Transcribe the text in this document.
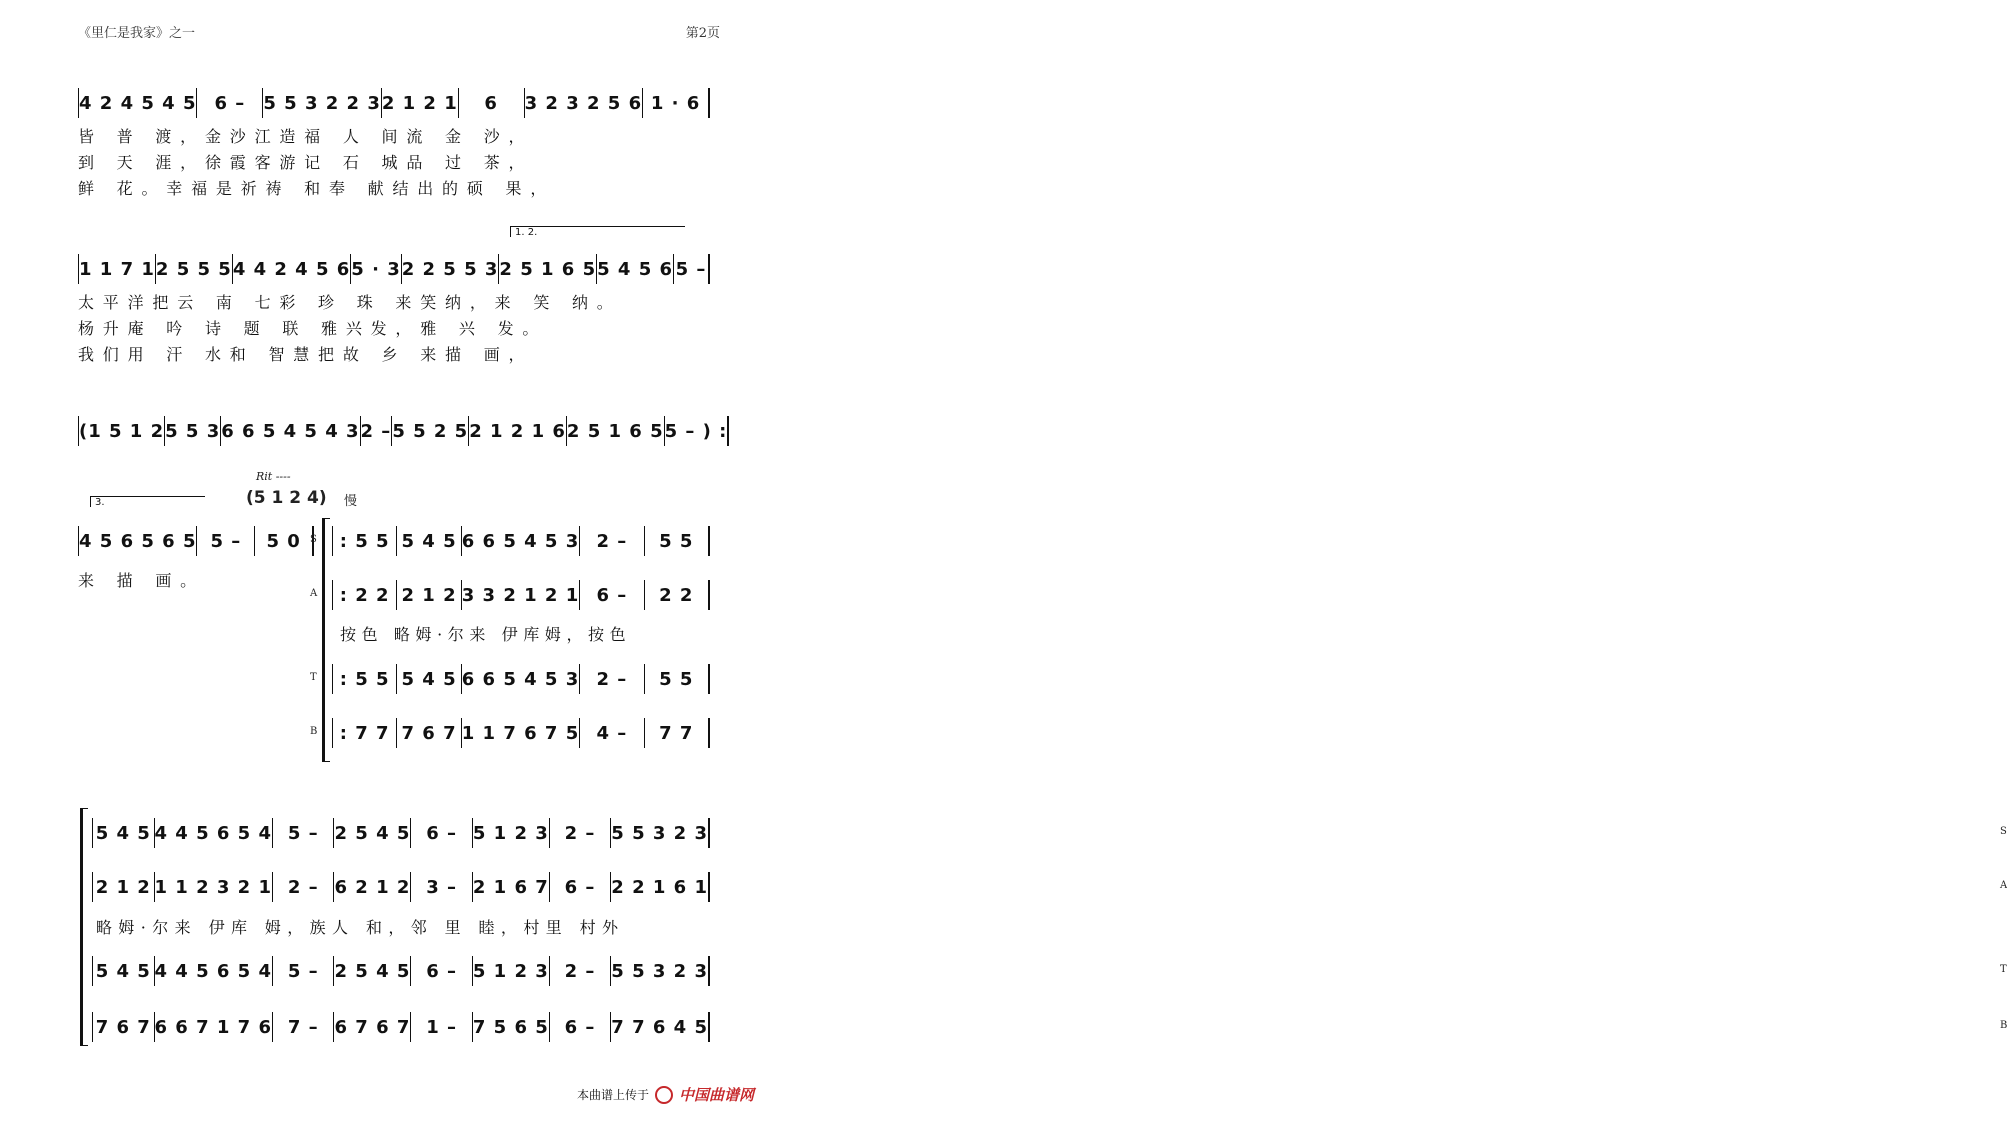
《里仁是我家》之一	第2页
4 2 4 5 4 5	6 –	5 5 3 2 2 3 2 1 2 1	6	3 2 3 2 5 6 1 · 6
皆 普 渡，金沙江造福 人 间流 金 沙，
到 天 涯，徐霞客游记 石 城品 过 茶，
鲜 花。幸福是祈祷 和奉 献结出的硕 果，
1. 2.
1 1 7 1 2 5 5 5 4 4 2 4 5 6 5 · 3 2 2 5 5 3 2 5 1 6 5 5 4 5 6 5 –
太平洋把云 南 七彩 珍 珠 来笑纳，来 笑 纳。
杨升庵 吟 诗 题 联 雅兴发，雅 兴 发。
我们用 汗 水和 智慧把故 乡 来描 画，
(1 5 1 2 5 5 3 6 6 5 4 5 4 3 2 – 5 5 2 5 2 1 2 1 6 2 5 1 6 5 5 – ) :
3.
Rit ----
(5 1 2 4) 慢
4 5 6 5 6 5 5 –	5 0
来 描 画。
S	: 5 5 5 4 5 6 6 5 4 5 3 2 –	5 5
A	: 2 2 2 1 2 3 3 2 1 2 1 6 –	2 2
T	: 5 5 5 4 5 6 6 5 4 5 3 2 –	5 5
B	: 7 7 7 6 7 1 1 7 6 7 5 4 –	7 7
按色 略姆·尔来 伊库姆，按色
S
5 4 5 4 4 5 6 5 4 5 – 2 5 4 5 6 – 5 1 2 3 2 – 5 5 3 2 3
A
2 1 2 1 1 2 3 2 1 2 – 6 2 1 2 3 – 2 1 6 7 6 – 2 2 1 6 1
T
5 4 5 4 4 5 6 5 4 5 – 2 5 4 5 6 – 5 1 2 3 2 – 5 5 3 2 3
B
7 6 7 6 6 7 1 7 6 7 – 6 7 6 7 1 – 7 5 6 5 6 – 7 7 6 4 5
略姆·尔来 伊库 姆，族人 和，邻 里 睦，村里 村外
本曲谱上传于 中国曲谱网
